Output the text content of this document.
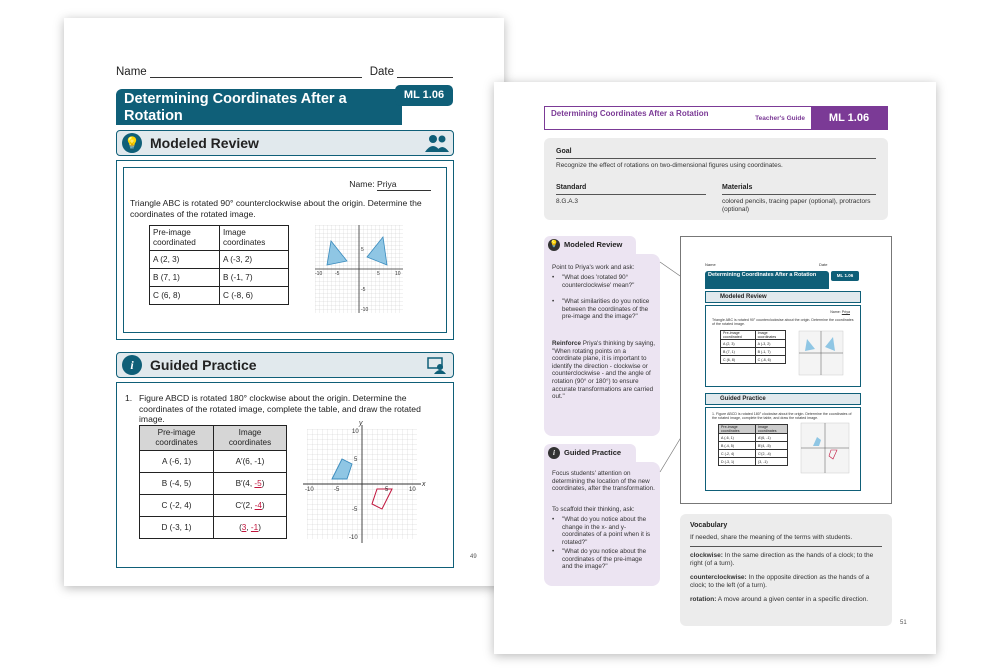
Name	Date
Determining Coordinates After a Rotation
ML 1.06
💡 Modeled Review
Name: Priya
Triangle ABC is rotated 90° counterclockwise about the origin. Determine the coordinates of the rotated image.
Pre-image coordinated	Image coordinates
A (2, 3)	A (-3, 2)
B (7, 1)	B (-1, 7)
C (6, 8)	C (-8, 6)
-10	-5	5	10
5
-5
-10
i	Guided Practice
1. Figure ABCD is rotated 180° clockwise about the origin. Determine the coordinates of the rotated image, complete the table, and draw the rotated image.
Pre-image coordinates	Image coordinates
A (-6, 1)	A′(6, -1)
B (-4, 5)	B′(4, -5)
C (-2, 4)	C′(2, -4)
D (-3, 1)	(3, -1)
x
y
-10	-5	5	10
10
5
-5
-10
49
Determining Coordinates After a Rotation
Teacher's Guide	ML 1.06
Goal
Recognize the effect of rotations on two-dimensional figures using coordinates.
Standard
8.G.A.3
Materials
colored pencils, tracing paper (optional), protractors (optional)
💡 Modeled Review
Point to Priya's work and ask:
• "What does 'rotated 90° counterclockwise' mean?"
• "What similarities do you notice between the coordinates of the pre-image and the image?"
Reinforce Priya's thinking by saying, "When rotating points on a coordinate plane, it is important to identify the direction - clockwise or counterclockwise - and the angle of rotation (90° or 180°) to ensure accurate transformations are carried out."
i	Guided Practice
Focus students' attention on determining the location of the new coordinates, after the transformation.
To scaffold their thinking, ask:
• "What do you notice about the change in the x- and y-coordinates of a point when it is rotated?"
• "What do you notice about the coordinates of the pre-image and the image?"
Name	Date
Determining Coordinates After a Rotation	ML 1.06
Modeled Review
Name: Priya
Triangle ABC is rotated 90° counterclockwise about the origin. Determine the coordinates of the rotated image.
Pre-image coordinated	Image coordinates
A (2, 3)	A (-3, 2)
B (7, 1)	B (-1, 7)
C (6, 8)	C (-8, 6)
Guided Practice
1. Figure ABCD is rotated 180° clockwise about the origin. Determine the coordinates of the rotated image, complete the table, and draw the rotated image.
Pre-image coordinates	Image coordinates
A (-6, 1)	A′(6, -1)
B (-4, 5)	B′(4, -5)
C (-2, 4)	C′(2, -4)
D (-3, 1)	(3, -1)
Vocabulary
If needed, share the meaning of the terms with students.
clockwise: In the same direction as the hands of a clock; to the right (of a turn).
counterclockwise: In the opposite direction as the hands of a clock; to the left (of a turn).
rotation: A move around a given center in a specific direction.
51
